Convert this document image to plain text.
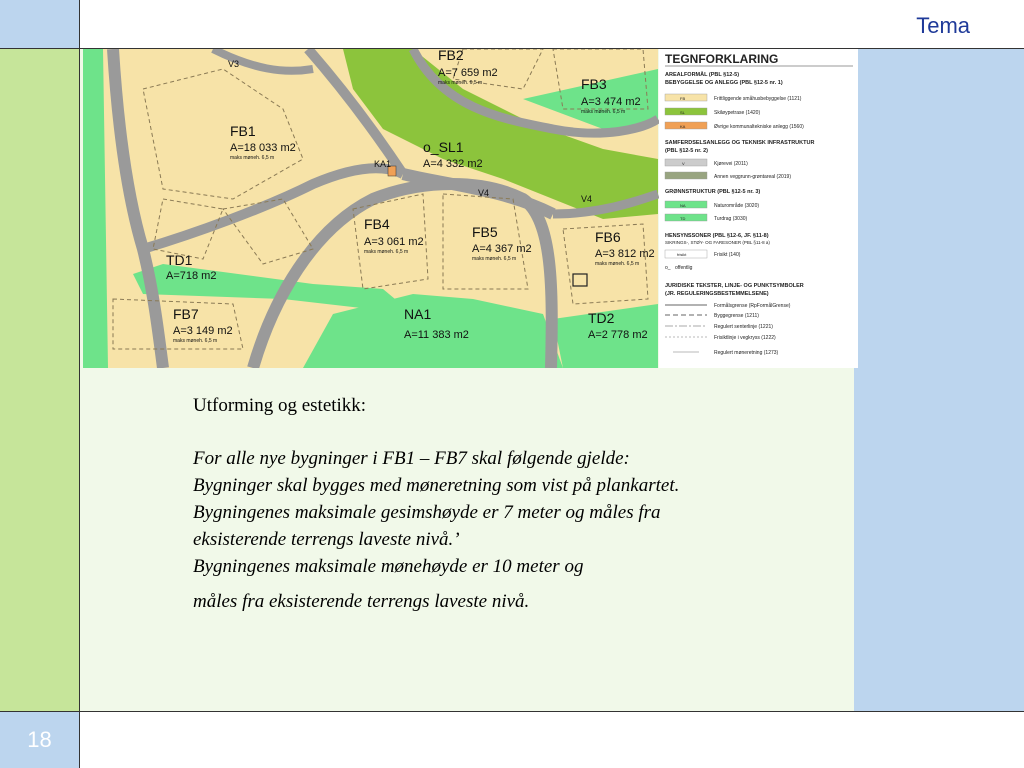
Tema
18
FB1
A=18 033 m2
maks møneh. 6,5 m
FB2
A=7 659 m2
maks møneh. 6,5 m	FB3
A=3 474 m2
maks møneh. 6,5 m
FB4
A=3 061 m2
maks møneh. 6,5 m
FB5
A=4 367 m2
maks møneh. 6,5 m
FB6
A=3 812 m2
maks møneh. 6,5 m
FB7
A=3 149 m2
maks møneh. 6,5 m
o_SL1
A=4 332 m2
TD1
A=718 m2
TD2
A=2 778 m2
NA1
A=11 383 m2
KA1
V3
V4
V4
TEGNFORKLARING
AREALFORMÅL (PBL §12-5)
BEBYGGELSE OG ANLEGG (PBL §12-5 nr. 1)
FB	Frittliggende småhusbebyggelse (1121)
SL	Skiløypetrase (1420)
KA	Øvrige kommunaltekniske anlegg (1560)
SAMFERDSELSANLEGG OG TEKNISK INFRASTRUKTUR
(PBL §12-5 nr. 2)
V	Kjørevei (2011)
Annen veggrunn-grøntareal (2019)
GRØNNSTRUKTUR (PBL §12-5 nr. 3)
NA	Naturområde (3020)
TD	Turdrag (3030)
HENSYNSSONER (PBL §12-6, JF. §11-8)
SIKRINGS-, STØY- OG FARESONER (PBL §11-8 a)
frisikt	Frisikt (140)
o_ offentlig
JURIDISKE TEKSTER, LINJE- OG PUNKTSYMBOLER
(JR. REGULERINGSBESTEMMELSENE)
Formålsgrense (RpFormålGrense)
Byggegrense (1211)
Regulert senterlinje (1221)
Frisiktlinje i vegkryss (1222)
Regulert møneretning (1273)

Utforming og estetikk:

For alle nye bygninger i FB1 – FB7 skal følgende gjelde:

Bygninger skal bygges med møneretning som vist på plankartet.

Bygningenes maksimale gesimshøyde er 7 meter og måles fra eksisterende terrengs laveste nivå.’

Bygningenes maksimale mønehøyde er 10 meter og

måles fra eksisterende terrengs laveste nivå.
